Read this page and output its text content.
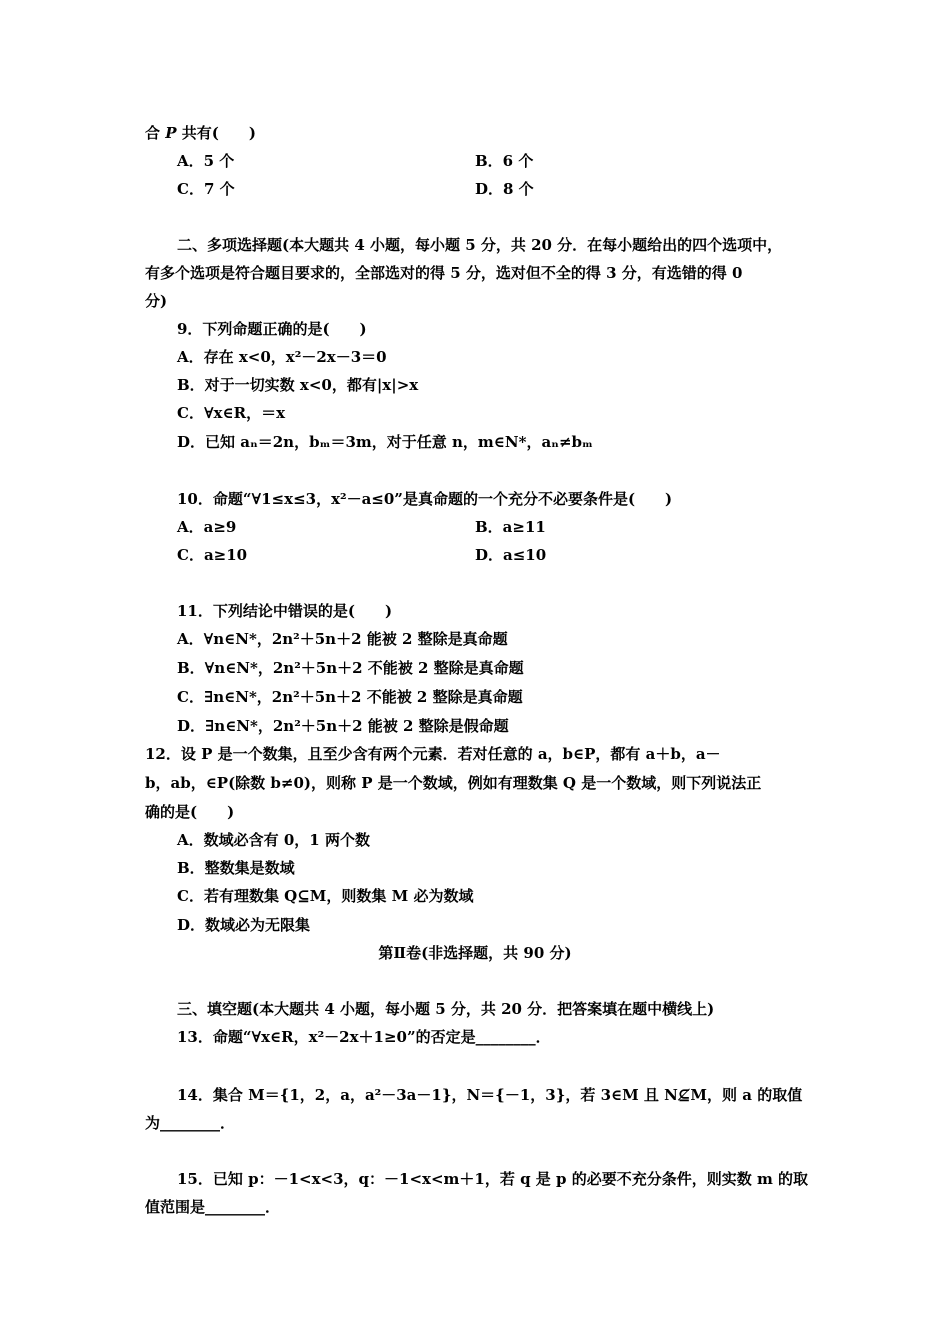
合 P 共有(　　)
A．5 个	B．6 个
C．7 个	D．8 个
二、多项选择题(本大题共 4 小题，每小题 5 分，共 20 分．在每小题给出的四个选项中，
有多个选项是符合题目要求的，全部选对的得 5 分，选对但不全的得 3 分，有选错的得 0
分)
9．下列命题正确的是(　　)
A．存在 x<0，x²－2x－3＝0
B．对于一切实数 x<0，都有|x|>x
C．∀x∈R，＝x
D．已知 aₙ＝2n，bₘ＝3m，对于任意 n，m∈N*，aₙ≠bₘ
10．命题“∀1≤x≤3，x²－a≤0”是真命题的一个充分不必要条件是(　　)
A．a≥9	B．a≥11
C．a≥10	D．a≤10
11．下列结论中错误的是(　　)
A．∀n∈N*，2n²＋5n＋2 能被 2 整除是真命题
B．∀n∈N*，2n²＋5n＋2 不能被 2 整除是真命题
C．∃n∈N*，2n²＋5n＋2 不能被 2 整除是真命题
D．∃n∈N*，2n²＋5n＋2 能被 2 整除是假命题
12．设 P 是一个数集，且至少含有两个元素．若对任意的 a，b∈P，都有 a＋b，a－
b，ab，∈P(除数 b≠0)，则称 P 是一个数域，例如有理数集 Q 是一个数域，则下列说法正
确的是(　　)
A．数域必含有 0，1 两个数
B．整数集是数域
C．若有理数集 Q⊆M，则数集 M 必为数域
D．数域必为无限集
第Ⅱ卷(非选择题，共 90 分)
三、填空题(本大题共 4 小题，每小题 5 分，共 20 分．把答案填在题中横线上)
13．命题“∀x∈R，x²－2x＋1≥0”的否定是________．
14．集合 M＝{1，2，a，a²－3a－1}，N＝{－1，3}，若 3∈M 且 N⊈M，则 a 的取值
为________．
15．已知 p：－1<x<3，q：－1<x<m＋1，若 q 是 p 的必要不充分条件，则实数 m 的取
值范围是________．
